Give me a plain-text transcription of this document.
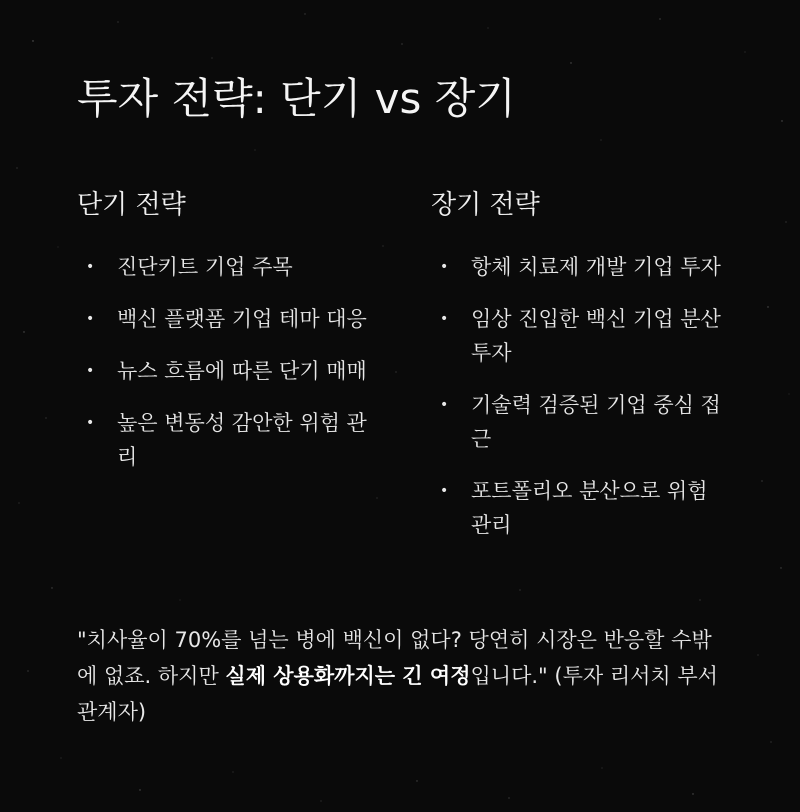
투자 전략: 단기 vs 장기
단기 전략
• 진단키트 기업 주목
• 백신 플랫폼 기업 테마 대응
• 뉴스 흐름에 따른 단기 매매
• 높은 변동성 감안한 위험 관리
장기 전략
• 항체 치료제 개발 기업 투자
• 임상 진입한 백신 기업 분산 투자
• 기술력 검증된 기업 중심 접근
• 포트폴리오 분산으로 위험 관리

"치사율이 70%를 넘는 병에 백신이 없다? 당연히 시장은 반응할 수밖에 없죠. 하지만 실제 상용화까지는 긴 여정입니다." (투자 리서치 부서 관계자)
